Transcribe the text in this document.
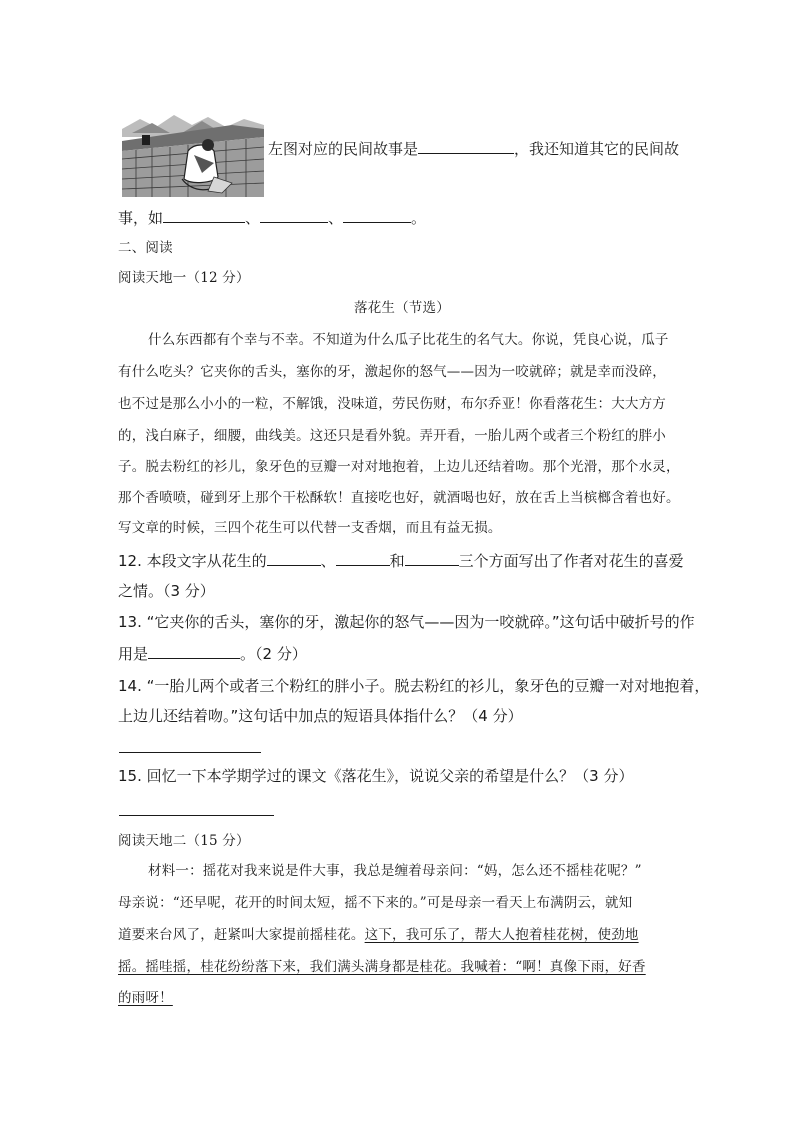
左图对应的民间故事是	，我还知道其它的民间故
事，如	、	、	。
二、阅读
阅读天地一（12 分）
落花生（节选）
什么东西都有个幸与不幸。不知道为什么瓜子比花生的名气大。你说，凭良心说，瓜子
有什么吃头？它夹你的舌头，塞你的牙，激起你的怒气——因为一咬就碎；就是幸而没碎，
也不过是那么小小的一粒，不解饿，没味道，劳民伤财，布尔乔亚！你看落花生：大大方方
的，浅白麻子，细腰，曲线美。这还只是看外貌。弄开看，一胎儿两个或者三个粉红的胖小
子。脱去粉红的衫儿，象牙色的豆瓣一对对地抱着，上边儿还结着吻。那个光滑，那个水灵，
那个香喷喷，碰到牙上那个干松酥软！直接吃也好，就酒喝也好，放在舌上当槟榔含着也好。
写文章的时候，三四个花生可以代替一支香烟，而且有益无损。
12. 本段文字从花生的	、	和	三个方面写出了作者对花生的喜爱
之情。（3 分）
13. “它夹你的舌头，塞你的牙，激起你的怒气——因为一咬就碎。”这句话中破折号的作
用是	。（2 分）
14. “一胎儿两个或者三个粉红的胖小子。脱去粉红的衫儿，象牙色的豆瓣一对对地抱着，
上边儿还结着吻。”这句话中加点的短语具体指什么？（4 分）
15. 回忆一下本学期学过的课文《落花生》，说说父亲的希望是什么？（3 分）
阅读天地二（15 分）
材料一：摇花对我来说是件大事，我总是缠着母亲问：“妈，怎么还不摇桂花呢？”
母亲说：“还早呢，花开的时间太短，摇不下来的。”可是母亲一看天上布满阴云，就知
道要来台风了，赶紧叫大家提前摇桂花。这下，我可乐了，帮大人抱着桂花树，使劲地
摇。摇哇摇，桂花纷纷落下来，我们满头满身都是桂花。我喊着：“啊！真像下雨，好香
的雨呀！
